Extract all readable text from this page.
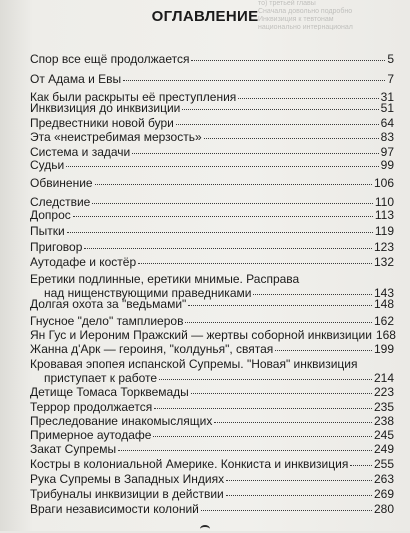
то) третьей главы
Сначала довольно подробно
Инквизиция к тевтонам
национально интернационал
ОГЛАВЛЕНИЕ
Спор все ещё продолжается	5
От Адама и Евы	7
Как были раскрыты её преступления	31
Инквизиция до инквизиции	51
Предвестники новой бури	64
Эта «неистребимая мерзость»	83
Система и задачи	97
Судьи	99
Обвинение	106
Следствие	110
Допрос	113
Пытки	119
Приговор	123
Аутодафе и костёр	132
Еретики подлинные, еретики мнимые. Расправа
над нищенствующими праведниками	143
Долгая охота за "ведьмами"	148
Гнусное "дело" тамплиеров	162
Ян Гус и Иероним Пражский — жертвы соборной инквизиции 168
Жанна д'Арк — героиня, "колдунья", святая	199
Кровавая эпопея испанской Супремы. "Новая" инквизиция
приступает к работе	214
Детище Томаса Торквемады	223
Террор продолжается	235
Преследование инакомыслящих	238
Примерное аутодафе	245
Закат Супремы	249
Костры в колониальной Америке. Конкиста и инквизиция 255
Рука Супремы в Западных Индиях	263
Трибуналы инквизиции в действии	269
Враги независимости колоний	280
